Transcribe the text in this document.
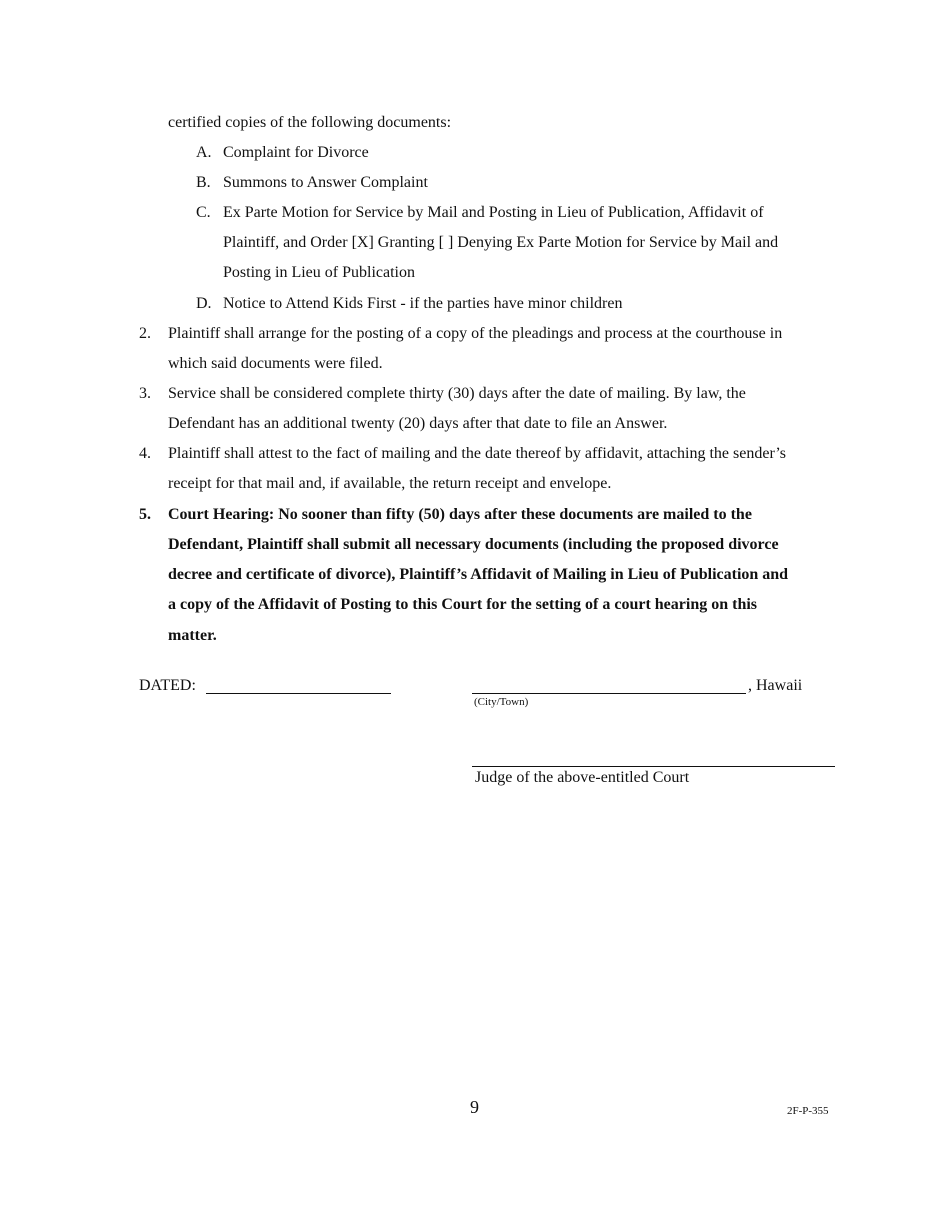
certified copies of the following documents:
A. Complaint for Divorce
B. Summons to Answer Complaint
C. Ex Parte Motion for Service by Mail and Posting in Lieu of Publication, Affidavit of
Plaintiff, and Order [X] Granting [ ] Denying Ex Parte Motion for Service by Mail and
Posting in Lieu of Publication
D. Notice to Attend Kids First - if the parties have minor children
2.	Plaintiff shall arrange for the posting of a copy of the pleadings and process at the courthouse in
which said documents were filed.
3.	Service shall be considered complete thirty (30) days after the date of mailing. By law, the
Defendant has an additional twenty (20) days after that date to file an Answer.
4.	Plaintiff shall attest to the fact of mailing and the date thereof by affidavit, attaching the sender’s
receipt for that mail and, if available, the return receipt and envelope.
5.	Court Hearing: No sooner than fifty (50) days after these documents are mailed to the
Defendant, Plaintiff shall submit all necessary documents (including the proposed divorce
decree and certificate of divorce), Plaintiff’s Affidavit of Mailing in Lieu of Publication and
a copy of the Affidavit of Posting to this Court for the setting of a court hearing on this
matter.
DATED:	, Hawaii
(City/Town)
Judge of the above-entitled Court
9	2F-P-355
